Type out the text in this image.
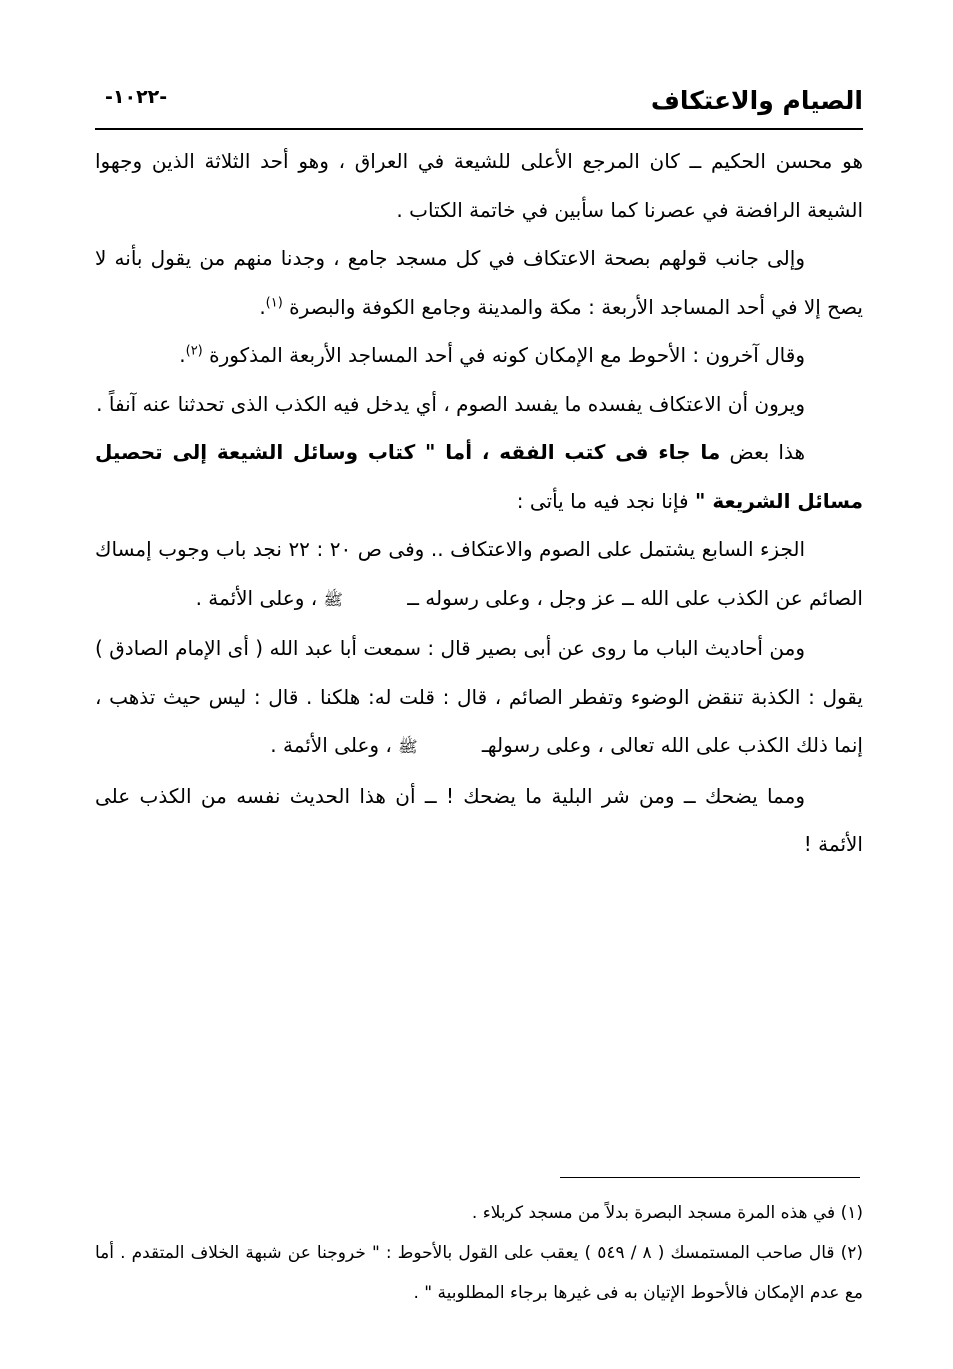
الصيام والاعتكاف
-١٠٢٢-

هو محسن الحكيم ــ كان المرجع الأعلى للشيعة في العراق ، وهو أحد الثلاثة الذين وجهوا الشيعة الرافضة في عصرنا كما سأبين في خاتمة الكتاب .

وإلى جانب قولهم بصحة الاعتكاف في كل مسجد جامع ، وجدنا منهم من يقول بأنه لا يصح إلا في أحد المساجد الأربعة : مكة والمدينة وجامع الكوفة والبصرة $^{(١)}$.

وقال آخرون : الأحوط مع الإمكان كونه في أحد المساجد الأربعة المذكورة $^{(٢)}$.

ويرون أن الاعتكاف يفسده ما يفسد الصوم ، أي يدخل فيه الكذب الذى تحدثنا عنه آنفاً .

هذا بعض ما جاء فى كتب الفقه ، أما " كتاب وسائل الشيعة إلى تحصيل مسائل الشريعة " فإنا نجد فيه ما يأتى :

الجزء السابع يشتمل على الصوم والاعتكاف .. وفى ص ٢٠ : ٢٢ نجد باب وجوب إمساك الصائم عن الكذب على الله ــ عز وجل ، وعلى رسوله ــ ﷺ ، وعلى الأئمة .

ومن أحاديث الباب ما روى عن أبى بصير قال : سمعت أبا عبد الله ( أى الإمام الصادق ) يقول : الكذبة تنقض الوضوء وتفطر الصائم ، قال : قلت له: هلكنا . قال : ليس حيث تذهب ، إنما ذلك الكذب على الله تعالى ، وعلى رسولهـ ﷺ ، وعلى الأئمة .

ومما يضحك ــ ومن شر البلية ما يضحك ! ــ أن هذا الحديث نفسه من الكذب على الأئمة !

(١) في هذه المرة مسجد البصرة بدلاً من مسجد كربلاء .

(٢) قال صاحب المستمسك ( ٨ / ٥٤٩ ) يعقب على القول بالأحوط : " خروجنا عن شبهة الخلاف المتقدم . أما مع عدم الإمكان فالأحوط الإتيان به فى غيرها برجاء المطلوبية " .
